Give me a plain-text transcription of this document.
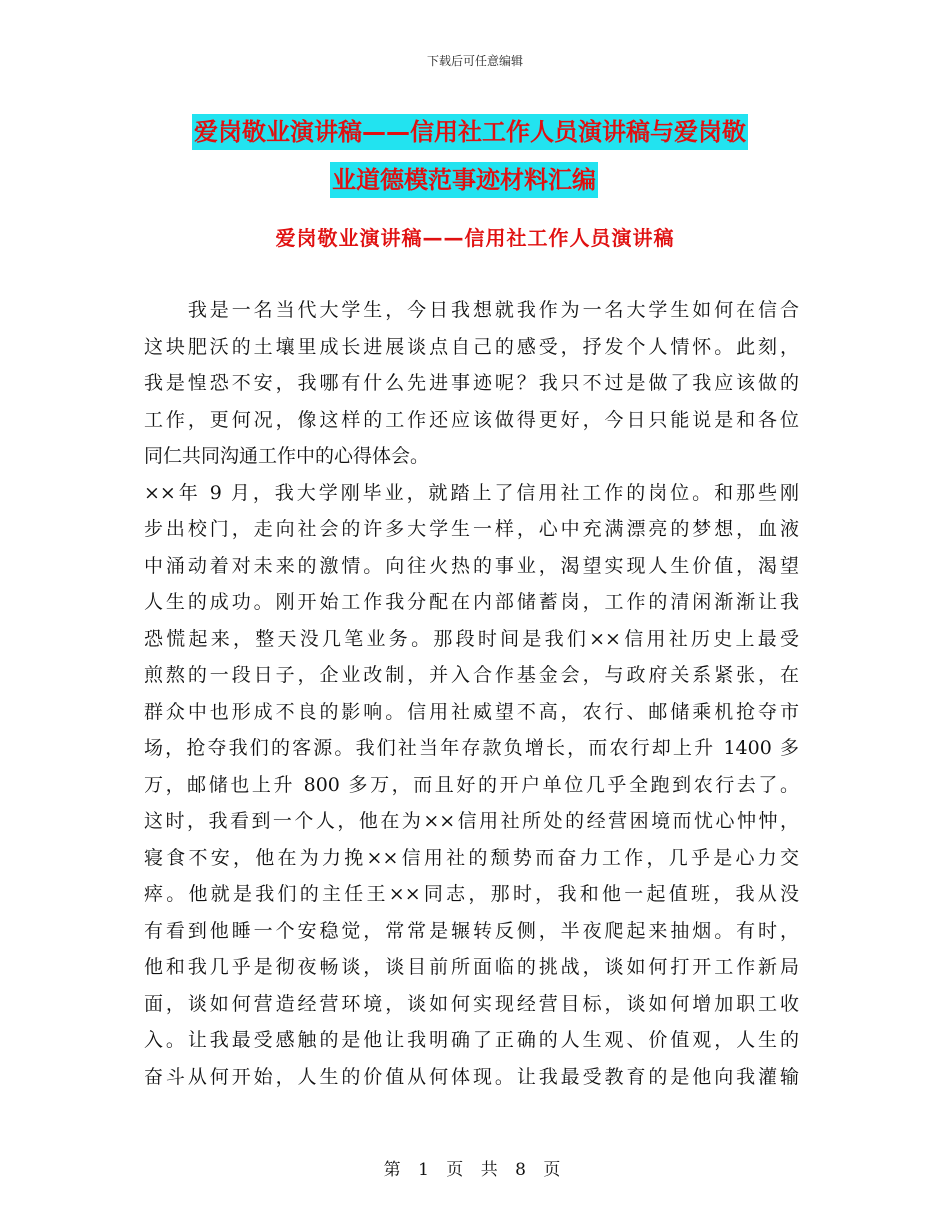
下载后可任意编辑
爱岗敬业演讲稿——信用社工作人员演讲稿与爱岗敬
业道德模范事迹材料汇编
爱岗敬业演讲稿——信用社工作人员演讲稿
　　我是一名当代大学生，今日我想就我作为一名大学生如何在信合
这块肥沃的土壤里成长进展谈点自己的感受，抒发个人情怀。此刻，
我是惶恐不安，我哪有什么先进事迹呢？我只不过是做了我应该做的
工作，更何况，像这样的工作还应该做得更好，今日只能说是和各位
同仁共同沟通工作中的心得体会。
××年 9 月，我大学刚毕业，就踏上了信用社工作的岗位。和那些刚
步出校门，走向社会的许多大学生一样，心中充满漂亮的梦想，血液
中涌动着对未来的激情。向往火热的事业，渴望实现人生价值，渴望
人生的成功。刚开始工作我分配在内部储蓄岗，工作的清闲渐渐让我
恐慌起来，整天没几笔业务。那段时间是我们××信用社历史上最受
煎熬的一段日子，企业改制，并入合作基金会，与政府关系紧张，在
群众中也形成不良的影响。信用社威望不高，农行、邮储乘机抢夺市
场，抢夺我们的客源。我们社当年存款负增长，而农行却上升 1400 多
万，邮储也上升 800 多万，而且好的开户单位几乎全跑到农行去了。
这时，我看到一个人，他在为××信用社所处的经营困境而忧心忡忡，
寝食不安，他在为力挽××信用社的颓势而奋力工作，几乎是心力交
瘁。他就是我们的主任王××同志，那时，我和他一起值班，我从没
有看到他睡一个安稳觉，常常是辗转反侧，半夜爬起来抽烟。有时，
他和我几乎是彻夜畅谈，谈目前所面临的挑战，谈如何打开工作新局
面，谈如何营造经营环境，谈如何实现经营目标，谈如何增加职工收
入。让我最受感触的是他让我明确了正确的人生观、价值观，人生的
奋斗从何开始，人生的价值从何体现。让我最受教育的是他向我灌输
第 1 页 共 8 页
